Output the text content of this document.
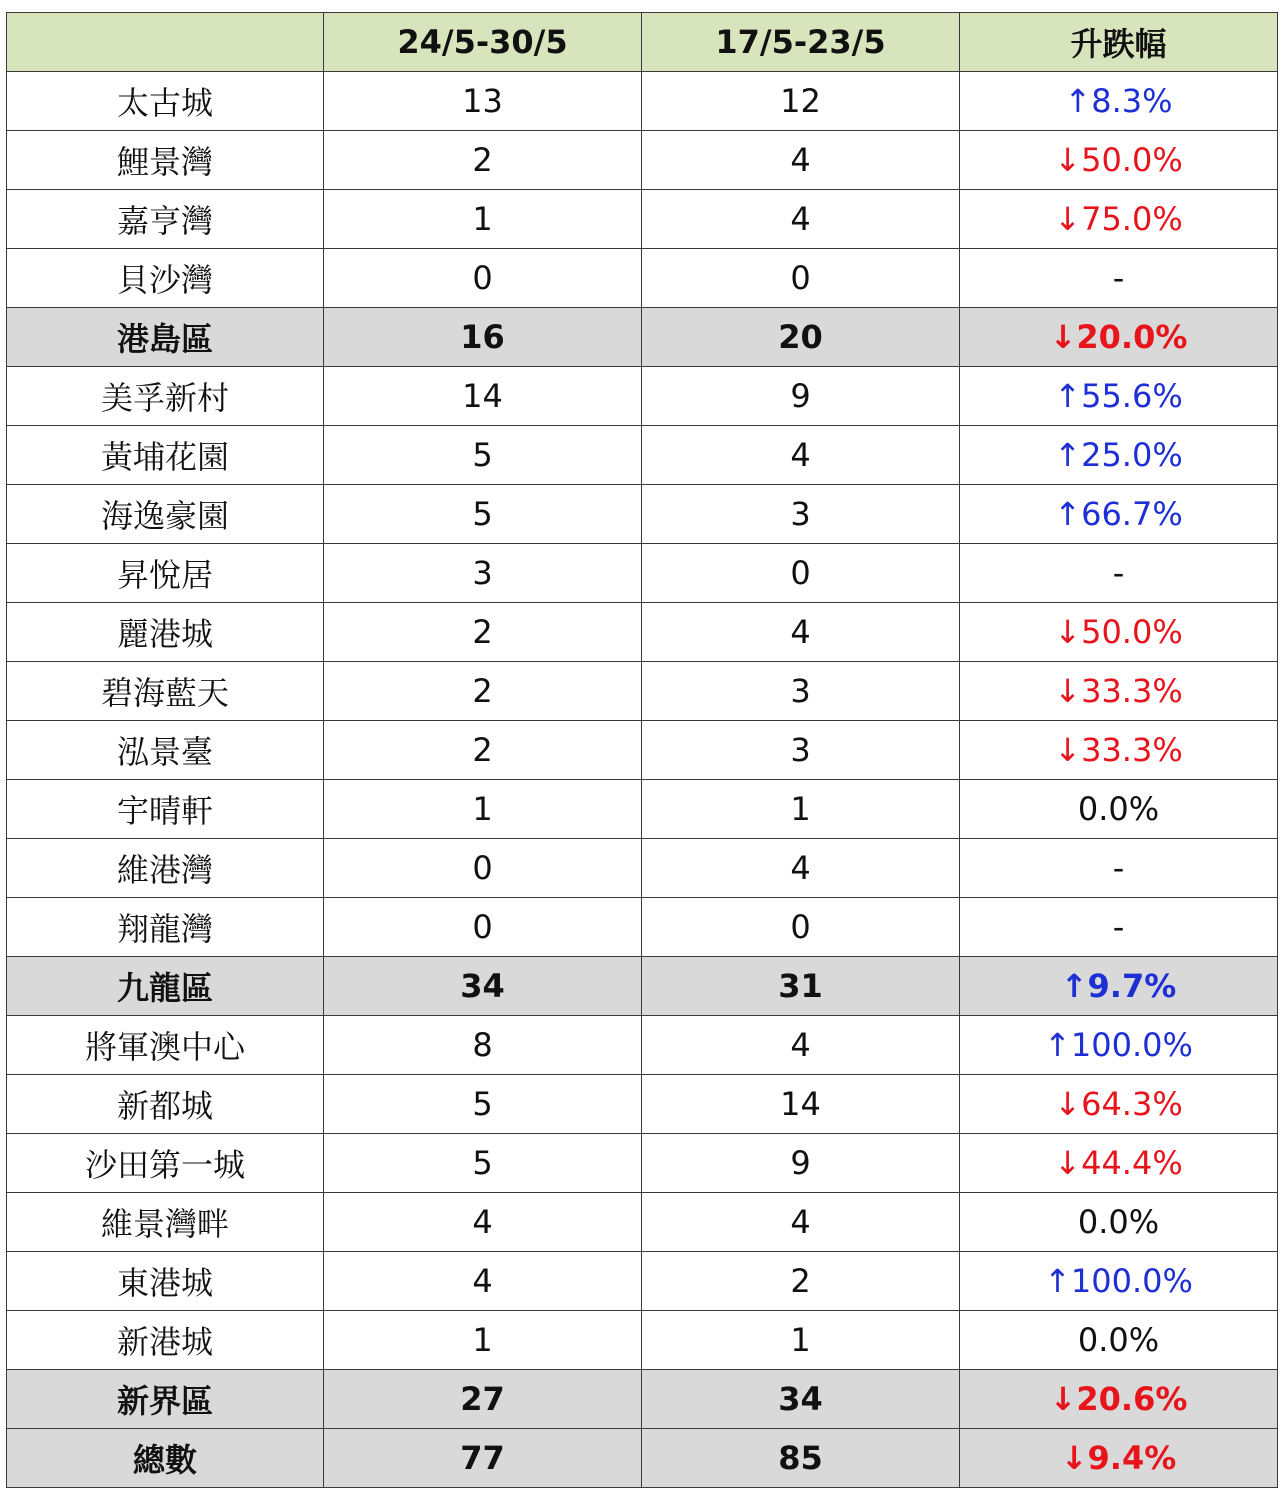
	24/5-30/5	17/5-23/5	升跌幅
太古城	13	12	↑8.3%
鯉景灣	2	4	↓50.0%
嘉亨灣	1	4	↓75.0%
貝沙灣	0	0	-
港島區	16	20	↓20.0%
美孚新村	14	9	↑55.6%
黃埔花園	5	4	↑25.0%
海逸豪園	5	3	↑66.7%
昇悅居	3	0	-
麗港城	2	4	↓50.0%
碧海藍天	2	3	↓33.3%
泓景臺	2	3	↓33.3%
宇晴軒	1	1	0.0%
維港灣	0	4	-
翔龍灣	0	0	-
九龍區	34	31	↑9.7%
將軍澳中心	8	4	↑100.0%
新都城	5	14	↓64.3%
沙田第一城	5	9	↓44.4%
維景灣畔	4	4	0.0%
東港城	4	2	↑100.0%
新港城	1	1	0.0%
新界區	27	34	↓20.6%
總數	77	85	↓9.4%
